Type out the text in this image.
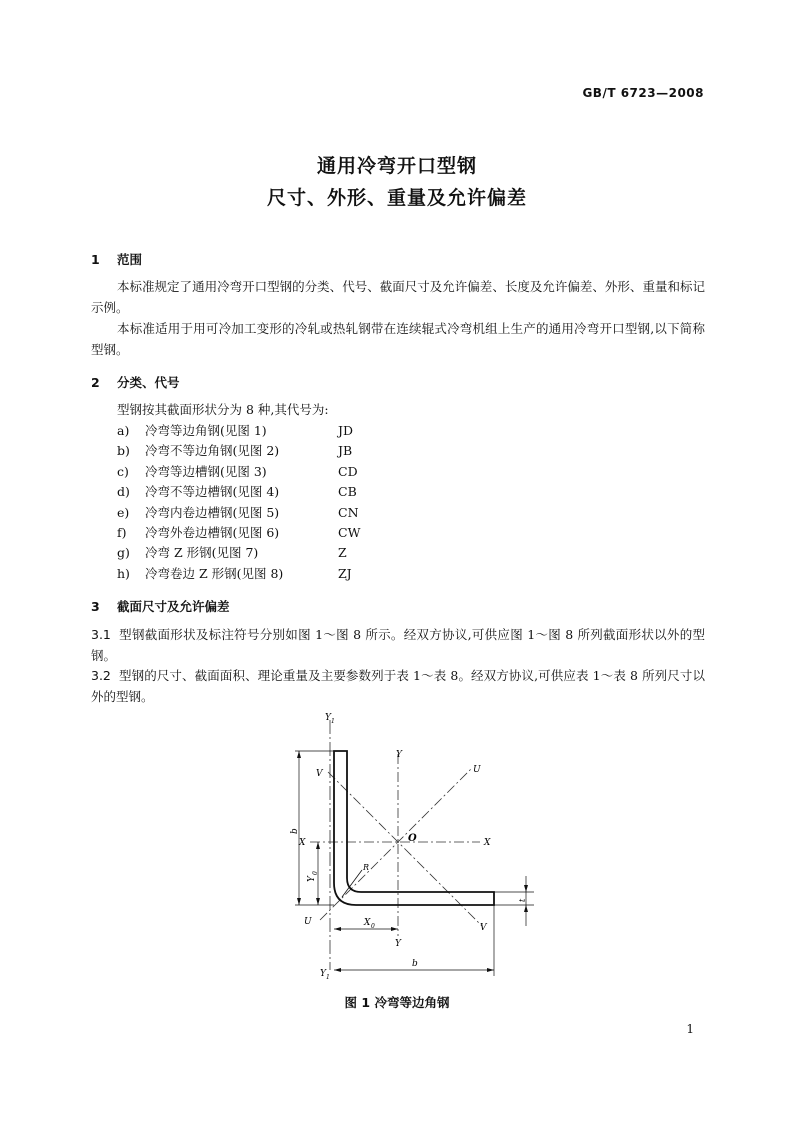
GB/T 6723—2008
通用冷弯开口型钢
尺寸、外形、重量及允许偏差
1 范围
本标准规定了通用冷弯开口型钢的分类、代号、截面尺寸及允许偏差、长度及允许偏差、外形、重量和标记示例。
本标准适用于用可冷加工变形的冷轧或热轧钢带在连续辊式冷弯机组上生产的通用冷弯开口型钢,以下简称型钢。
2 分类、代号
型钢按其截面形状分为 8 种,其代号为:
a) 冷弯等边角钢(见图 1)	JD
b) 冷弯不等边角钢(见图 2)	JB
c) 冷弯等边槽钢(见图 3)	CD
d) 冷弯不等边槽钢(见图 4)	CB
e) 冷弯内卷边槽钢(见图 5)	CN
f) 冷弯外卷边槽钢(见图 6)	CW
g) 冷弯 Z 形钢(见图 7)	Z
h) 冷弯卷边 Z 形钢(见图 8)	ZJ
3 截面尺寸及允许偏差
3.1 型钢截面形状及标注符号分别如图 1～图 8 所示。经双方协议,可供应图 1～图 8 所列截面形状以外的型钢。
3.2 型钢的尺寸、截面面积、理论重量及主要参数列于表 1～表 8。经双方协议,可供应表 1～表 8 所列尺寸以外的型钢。
Y 1
Y
V	U
X	X
O
R
U
V
Y
b
Y
0
X 0
b
t
Y 1
图 1 冷弯等边角钢
1
